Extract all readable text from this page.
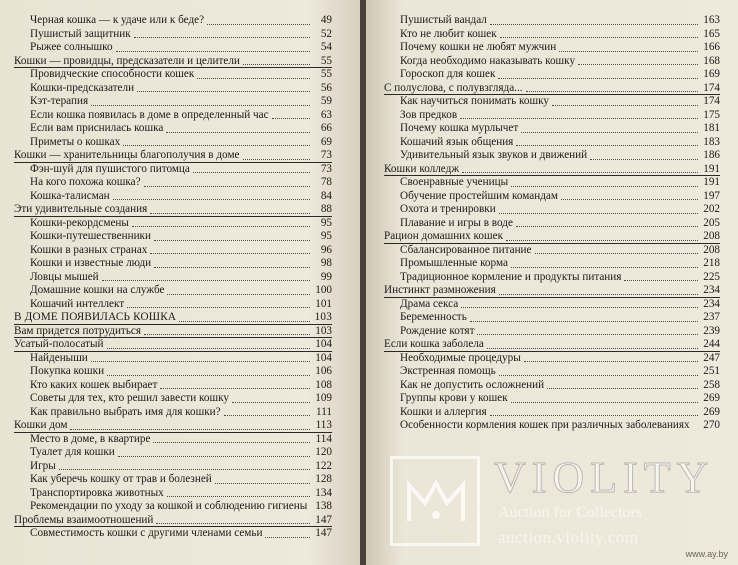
Черная кошка — к удаче или к беде?	49
Пушистый защитник	52
Рыжее солнышко	54
Кошки — провидцы, предсказатели и целители	55
Провидческие способности кошек	55
Кошки-предсказатели	56
Кэт-терапия	59
Если кошка появилась в доме в определенный час	63
Если вам приснилась кошка	66
Приметы о кошках	69
Кошки — хранительницы благополучия в доме	73
Фэн-шуй для пушистого питомца	73
На кого похожа кошка?	78
Кошка-талисман	84
Эти удивительные создания	88
Кошки-рекордсмены	95
Кошки-путешественники	95
Кошки в разных странах	96
Кошки и известные люди	98
Ловцы мышей	99
Домашние кошки на службе	100
Кошачий интеллект	101
В ДОМЕ ПОЯВИЛАСЬ КОШКА	103
Вам придется потрудиться	103
Усатый-полосатый	104
Найденыши	104
Покупка кошки	106
Кто каких кошек выбирает	108
Советы для тех, кто решил завести кошку	109
Как правильно выбрать имя для кошки?	111
Кошки дом	113
Место в доме, в квартире	114
Туалет для кошки	120
Игры	122
Как уберечь кошку от трав и болезней	128
Транспортировка животных	134
Рекомендации по уходу за кошкой и соблюдению гигиены 138
Проблемы взаимоотношений	147
Совместимость кошки с другими членами семьи	147
Пушистый вандал	163
Кто не любит кошек	165
Почему кошки не любят мужчин	166
Когда необходимо наказывать кошку	168
Гороскоп для кошек	169
С полуслова, с полувзгляда...	174
Как научиться понимать кошку	174
Зов предков	175
Почему кошка мурлычет	181
Кошачий язык общения	183
Удивительный язык звуков и движений	186
Кошки колледж	191
Своенравные ученицы	191
Обучение простейшим командам	197
Охота и тренировки	202
Плавание и игры в воде	205
Рацион домашних кошек	208
Сбалансированное питание	208
Промышленные корма	218
Традиционное кормление и продукты питания	225
Инстинкт размножения	234
Драма секса	234
Беременность	237
Рождение котят	239
Если кошка заболела	244
Необходимые процедуры	247
Экстренная помощь	251
Как не допустить осложнений	258
Группы крови у кошек	269
Кошки и аллергия	269
Особенности кормления кошек при различных заболеваниях	270
VIOLITY
Auction for Collectors
auction.violity.com
www.ay.by
